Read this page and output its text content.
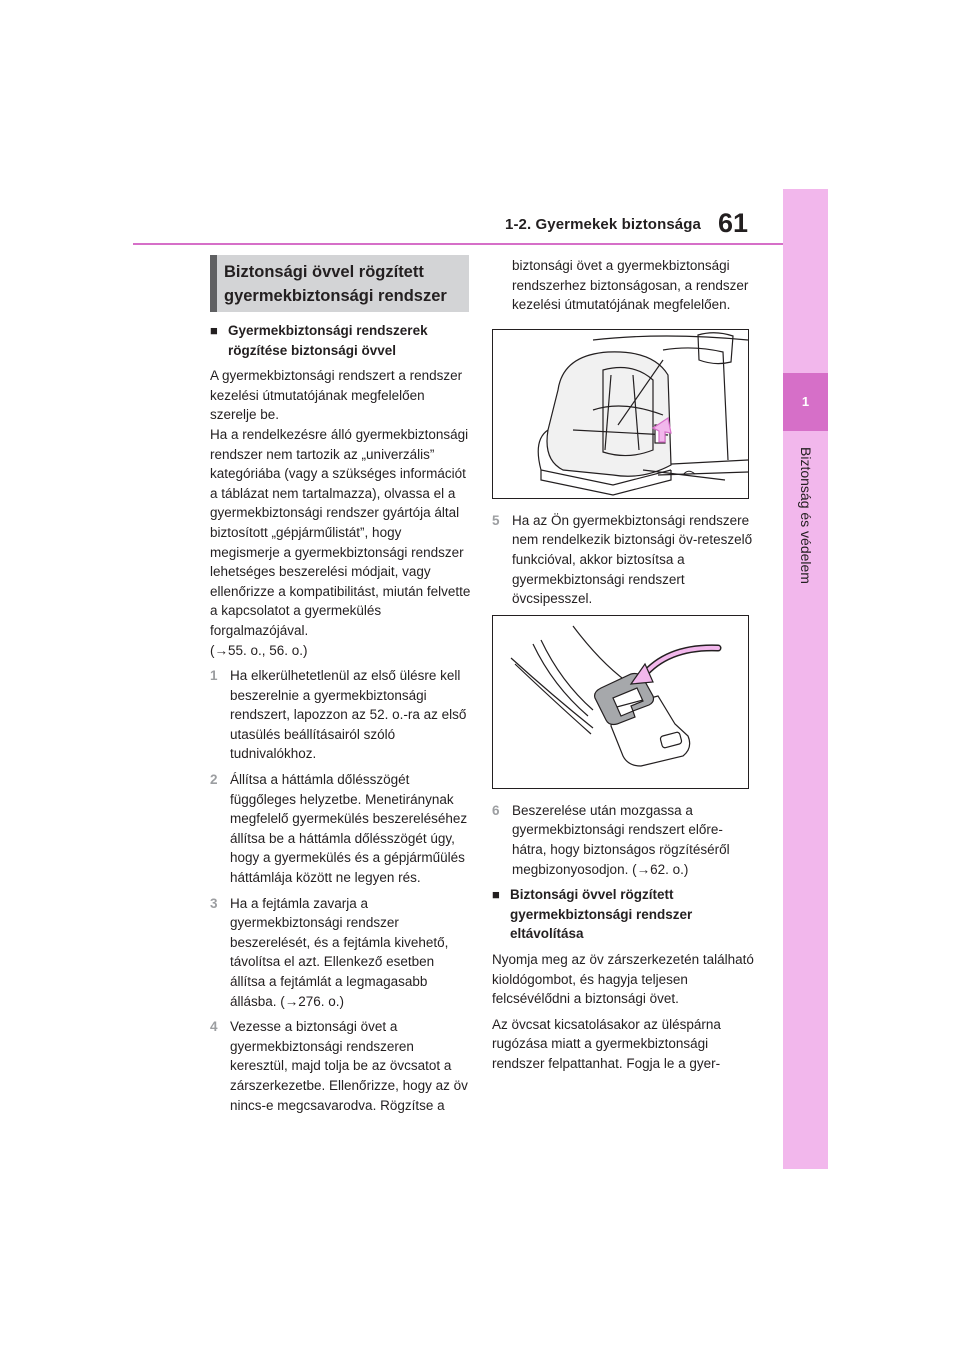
61
1-2. Gyermekek biztonsága
1
Biztonság és védelem
Biztonsági övvel rögzített
gyermekbiztonsági rendszer
■ Gyermekbiztonsági rendszerek rögzítése biztonsági övvel

A gyermekbiztonsági rendszert a rendszer kezelési útmutatójának megfelelően szerelje be.
Ha a rendelkezésre álló gyermekbiztonsági rendszer nem tartozik az „univerzális” kategóriába (vagy a szükséges információt a táblázat nem tartalmazza), olvassa el a gyermekbiztonsági rendszer gyártója által biztosított „gépjárműlistát”, hogy megismerje a gyermekbiztonsági rendszer lehetséges beszerelési módjait, vagy ellenőrizze a kompatibilitást, miután felvette a kapcsolatot a gyermekülés forgalmazójával.
(→55. o., 56. o.)

1 Ha elkerülhetetlenül az első ülésre kell beszerelnie a gyermekbiztonsági rendszert, lapozzon az 52. o.-ra az első utasülés beállításairól szóló tudnivalókhoz.
2 Állítsa a háttámla dőlésszögét függőleges helyzetbe. Menetiránynak megfelelő gyermekülés beszereléséhez állítsa be a háttámla dőlésszögét úgy, hogy a gyermekülés és a gépjárműülés háttámlája között ne legyen rés.
3 Ha a fejtámla zavarja a gyermekbiztonsági rendszer beszerelését, és a fejtámla kivehető, távolítsa el azt. Ellenkező esetben állítsa a fejtámlát a legmagasabb állásba. (→276. o.)
4 Vezesse a biztonsági övet a gyermekbiztonsági rendszeren keresztül, majd tolja be az övcsatot a zárszerkezetbe. Ellenőrizze, hogy az öv nincs-e megcsavarodva. Rögzítse a

biztonsági övet a gyermekbiztonsági rendszerhez biztonságosan, a rendszer kezelési útmutatójának megfelelően.

5 Ha az Ön gyermekbiztonsági rendszere nem rendelkezik biztonsági öv-reteszelő funkcióval, akkor biztosítsa a gyermekbiztonsági rendszert övcsipesszel.
6 Beszerelése után mozgassa a gyermekbiztonsági rendszert előre-hátra, hogy biztonságos rögzítéséről megbizonyosodjon. (→62. o.)
■ Biztonsági övvel rögzített gyermekbiztonsági rendszer eltávolítása

Nyomja meg az öv zárszerkezetén található kioldógombot, és hagyja teljesen felcsévélődni a biztonsági övet.

Az övcsat kicsatolásakor az üléspárna rugózása miatt a gyermekbiztonsági rendszer felpattanhat. Fogja le a gyer-
